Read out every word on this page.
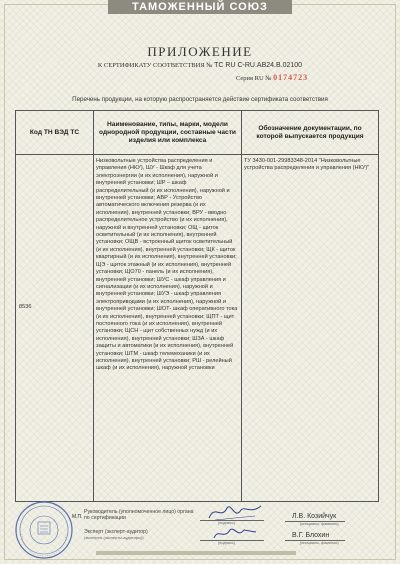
ТАМОЖЕННЫЙ СОЮЗ
ПРИЛОЖЕНИЕ
К СЕРТИФИКАТУ СООТВЕТСТВИЯ № ТС RU C-RU.АВ24.В.02100
Серия RU № 0174723
Перечень продукции, на которую распространяется действие сертификата соответствия
Код ТН ВЭД ТС
Наименование, типы, марки, модели однородной продукции, составные части изделия или комплекса
Обозначение документации, по которой выпускается продукция
8536
Низковольтные устройства распределения и управления (НКУ), ШУ - Шкаф для учета электроэнергии (и их исполнения), наружной и внутренней установки; ШР – шкаф распределительный (и их исполнения), наружной и внутренней установки; АВР - Устройство автоматического включения резерва (и их исполнения), внутренней установки; ВРУ - вводно распределительное устройство (и их исполнения), наружной и внутренней установки; ОЩ - щиток осветительный (и их исполнения), внутренней установки; ОЩВ - встроенный щиток осветительный (и их исполнения), внутренней установки; ЩК - щиток квартирный (и их исполнения), внутренней установки; ЩЭ - щиток этажный (и их исполнения), внутренней установки; ЩО70 - панель (и их исполнения), внутренней установки; ШУС - шкаф управления и сигнализации (и их исполнения), наружной и внутренней установки; ШУЭ - шкаф управления электроприводами (и их исполнения), наружной и внутренней установки; ШОТ- шкаф оперативного тока (и их исполнения), внутренней установки; ЩПТ - щит постоянного тока (и их исполнения), внутренней установки; ЩСН - щит собственных нужд (и их исполнения), внутренней установки; ШЗА - шкаф защиты и автоматики (и их исполнения), внутренней установки; ШТМ - шкаф телемеханики (и их исполнения), внутренней установки; РШ - релейный шкаф (и их исполнения), наружной установки
ТУ 3430-001-29983348-2014 "Низковольтные устройства распределения и управления (НКУ)"
М.П.
Руководитель (уполномоченное лицо) органа по сертификации

(подпись)
Л.В. Козийчук
(инициалы, фамилия)
Эксперт (эксперт-аудитор)
(эксперты (эксперты-аудиторы))
(подпись)
В.Г. Блохин
(инициалы, фамилия)
